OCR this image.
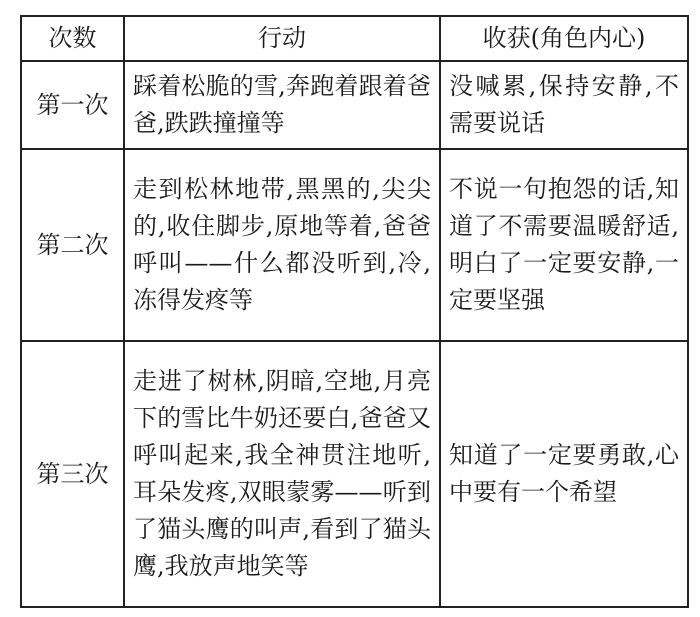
次数	行动	收获(角色内心)
第一次	踩着松脆的雪,奔跑着跟着爸爸,跌跌撞撞等	没喊累,保持安静,不需要说话
第二次	走到松林地带,黑黑的,尖尖的,收住脚步,原地等着,爸爸呼叫——什么都没听到,冷,冻得发疼等	不说一句抱怨的话,知道了不需要温暖舒适,明白了一定要安静,一定要坚强
第三次	走进了树林,阴暗,空地,月亮下的雪比牛奶还要白,爸爸又呼叫起来,我全神贯注地听,耳朵发疼,双眼蒙雾——听到了猫头鹰的叫声,看到了猫头鹰,我放声地笑等	知道了一定要勇敢,心中要有一个希望
